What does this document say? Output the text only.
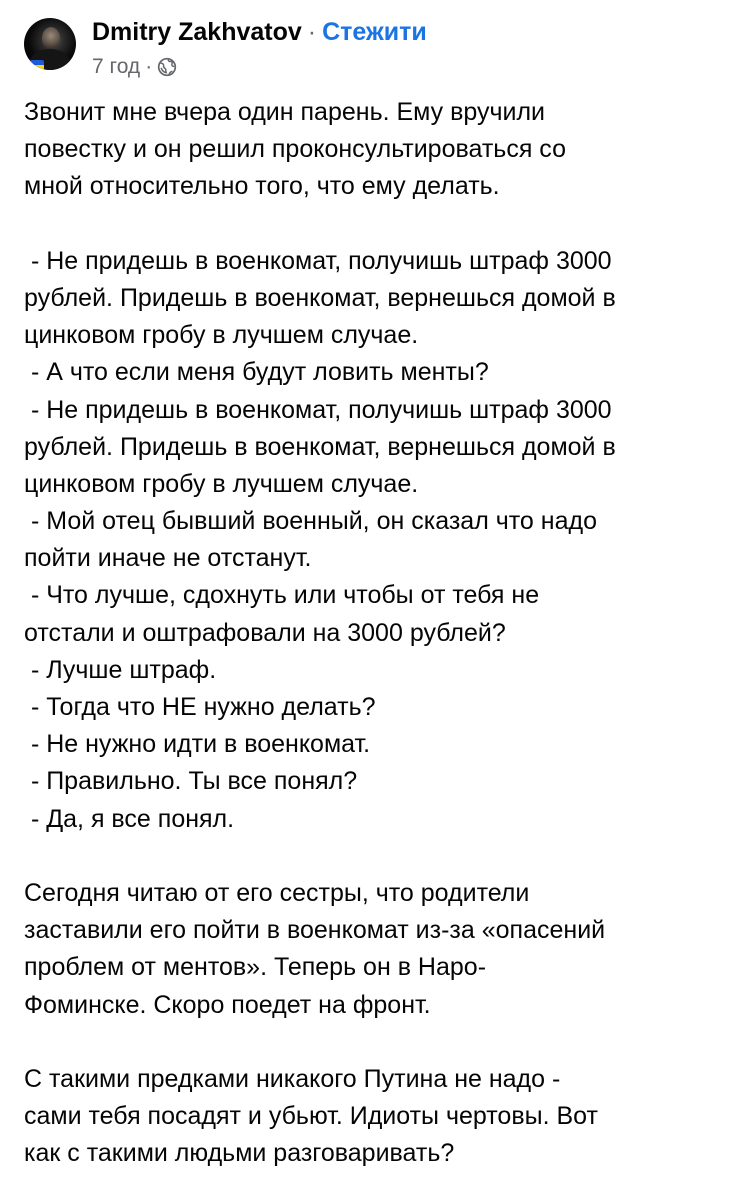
Dmitry Zakhvatov · Стежити
7 год ·
Звонит мне вчера один парень. Ему вручили
повестку и он решил проконсультироваться со
мной относительно того, что ему делать.
- Не придешь в военкомат, получишь штраф 3000
рублей. Придешь в военкомат, вернешься домой в
цинковом гробу в лучшем случае.
- А что если меня будут ловить менты?
- Не придешь в военкомат, получишь штраф 3000
рублей. Придешь в военкомат, вернешься домой в
цинковом гробу в лучшем случае.
- Мой отец бывший военный, он сказал что надо
пойти иначе не отстанут.
- Что лучше, сдохнуть или чтобы от тебя не
отстали и оштрафовали на 3000 рублей?
- Лучше штраф.
- Тогда что НЕ нужно делать?
- Не нужно идти в военкомат.
- Правильно. Ты все понял?
- Да, я все понял.
Сегодня читаю от его сестры, что родители
заставили его пойти в военкомат из-за «опасений
проблем от ментов». Теперь он в Наро-
Фоминске. Скоро поедет на фронт.
С такими предками никакого Путина не надо -
сами тебя посадят и убьют. Идиоты чертовы. Вот
как с такими людьми разговаривать?
